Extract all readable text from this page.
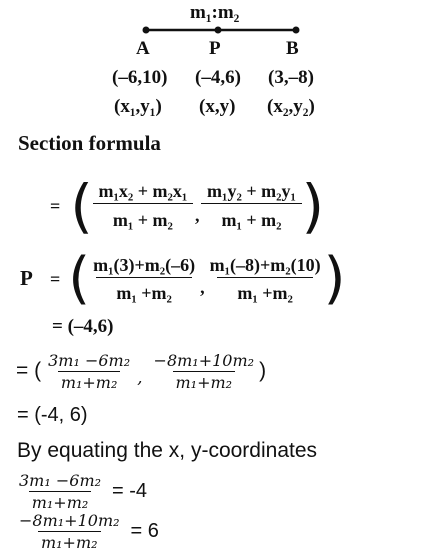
m₁:m₂
A	P	B
(–6,10) (–4,6) (3,–8)
(x₁,y₁) (x,y) (x₂,y₂)
Section formula
= ( $\frac{\text{m₁x₂ + m₂x₁}}{\text{m₁ + m₂}}$ , $\frac{\text{m₁y₂ + m₂y₁}}{\text{m₁ + m₂}}$ )
P = ( $\frac{\text{m₁(3)+m₂(–6)}}{\text{m₁ +m₂}}$ , $\frac{\text{m₁(–8)+m₂(10)}}{\text{m₁ +m₂}}$ )
= (–4,6)
= ( $\frac{\text{3m₁ −6m₂}}{\text{m₁+m₂}}$ , $\frac{\text{−8m₁+10m₂}}{\text{m₁+m₂}}$ )
= (-4, 6)
By equating the x, y-coordinates
$\frac{\text{3m₁ −6m₂}}{\text{m₁+m₂}} = -4$
$\frac{\text{−8m₁+10m₂}}{\text{m₁+m₂}} = 6$
